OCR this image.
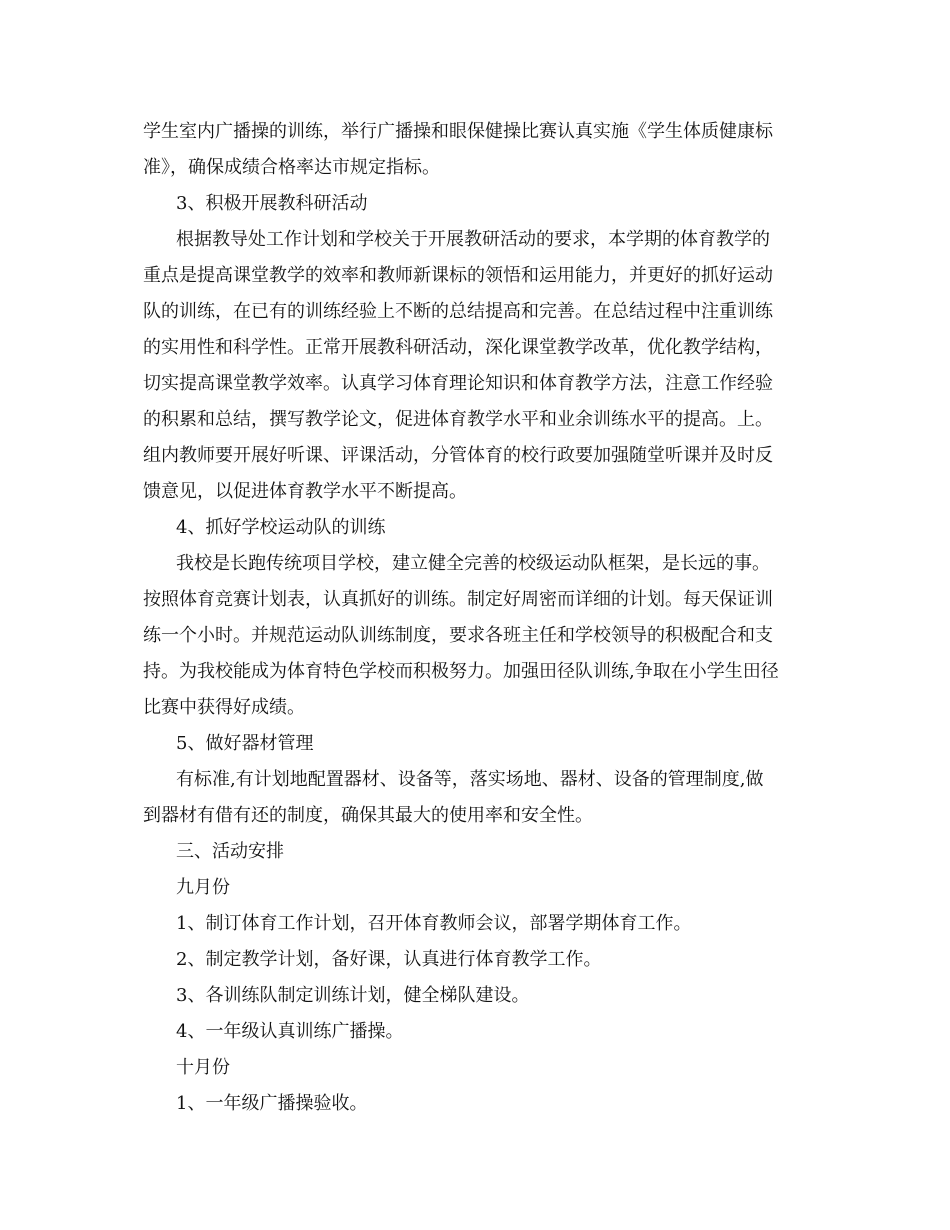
学生室内广播操的训练，举行广播操和眼保健操比赛认真实施《学生体质健康标
准》，确保成绩合格率达市规定指标。
3、积极开展教科研活动
根据教导处工作计划和学校关于开展教研活动的要求，本学期的体育教学的
重点是提高课堂教学的效率和教师新课标的领悟和运用能力，并更好的抓好运动
队的训练，在已有的训练经验上不断的总结提高和完善。在总结过程中注重训练
的实用性和科学性。正常开展教科研活动，深化课堂教学改革，优化教学结构，
切实提高课堂教学效率。认真学习体育理论知识和体育教学方法，注意工作经验
的积累和总结，撰写教学论文，促进体育教学水平和业余训练水平的提高。上。
组内教师要开展好听课、评课活动，分管体育的校行政要加强随堂听课并及时反
馈意见，以促进体育教学水平不断提高。
4、抓好学校运动队的训练
我校是长跑传统项目学校，建立健全完善的校级运动队框架，是长远的事。
按照体育竞赛计划表，认真抓好的训练。制定好周密而详细的计划。每天保证训
练一个小时。并规范运动队训练制度，要求各班主任和学校领导的积极配合和支
持。为我校能成为体育特色学校而积极努力。加强田径队训练,争取在小学生田径
比赛中获得好成绩。
5、做好器材管理
有标准,有计划地配置器材、设备等，落实场地、器材、设备的管理制度,做
到器材有借有还的制度，确保其最大的使用率和安全性。
三、活动安排
九月份
1、制订体育工作计划，召开体育教师会议，部署学期体育工作。
2、制定教学计划，备好课，认真进行体育教学工作。
3、各训练队制定训练计划，健全梯队建设。
4、一年级认真训练广播操。
十月份
1、一年级广播操验收。
